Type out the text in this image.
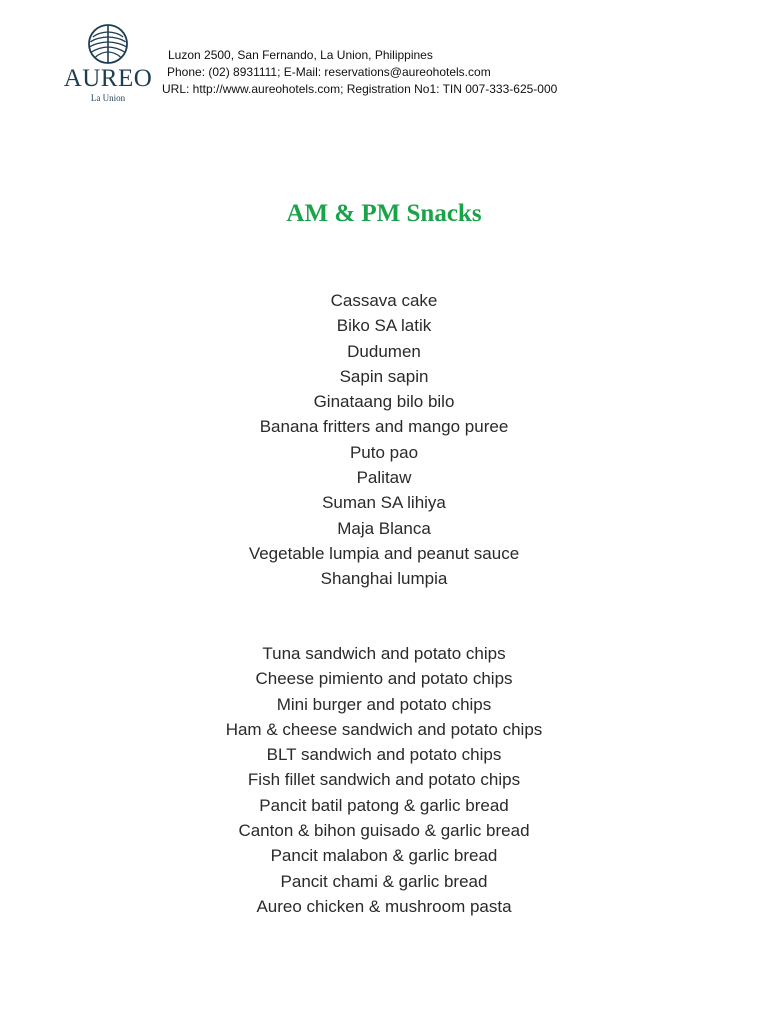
AUREO
La Union
Luzon 2500, San Fernando, La Union, Philippines
Phone: (02) 8931111; E-Mail: reservations@aureohotels.com
URL: http://www.aureohotels.com; Registration No1: TIN 007-333-625-000
AM & PM Snacks
Cassava cake
Biko SA latik
Dudumen
Sapin sapin
Ginataang bilo bilo
Banana fritters and mango puree
Puto pao
Palitaw
Suman SA lihiya
Maja Blanca
Vegetable lumpia and peanut sauce
Shanghai lumpia
Tuna sandwich and potato chips
Cheese pimiento and potato chips
Mini burger and potato chips
Ham & cheese sandwich and potato chips
BLT sandwich and potato chips
Fish fillet sandwich and potato chips
Pancit batil patong & garlic bread
Canton & bihon guisado & garlic bread
Pancit malabon & garlic bread
Pancit chami & garlic bread
Aureo chicken & mushroom pasta
